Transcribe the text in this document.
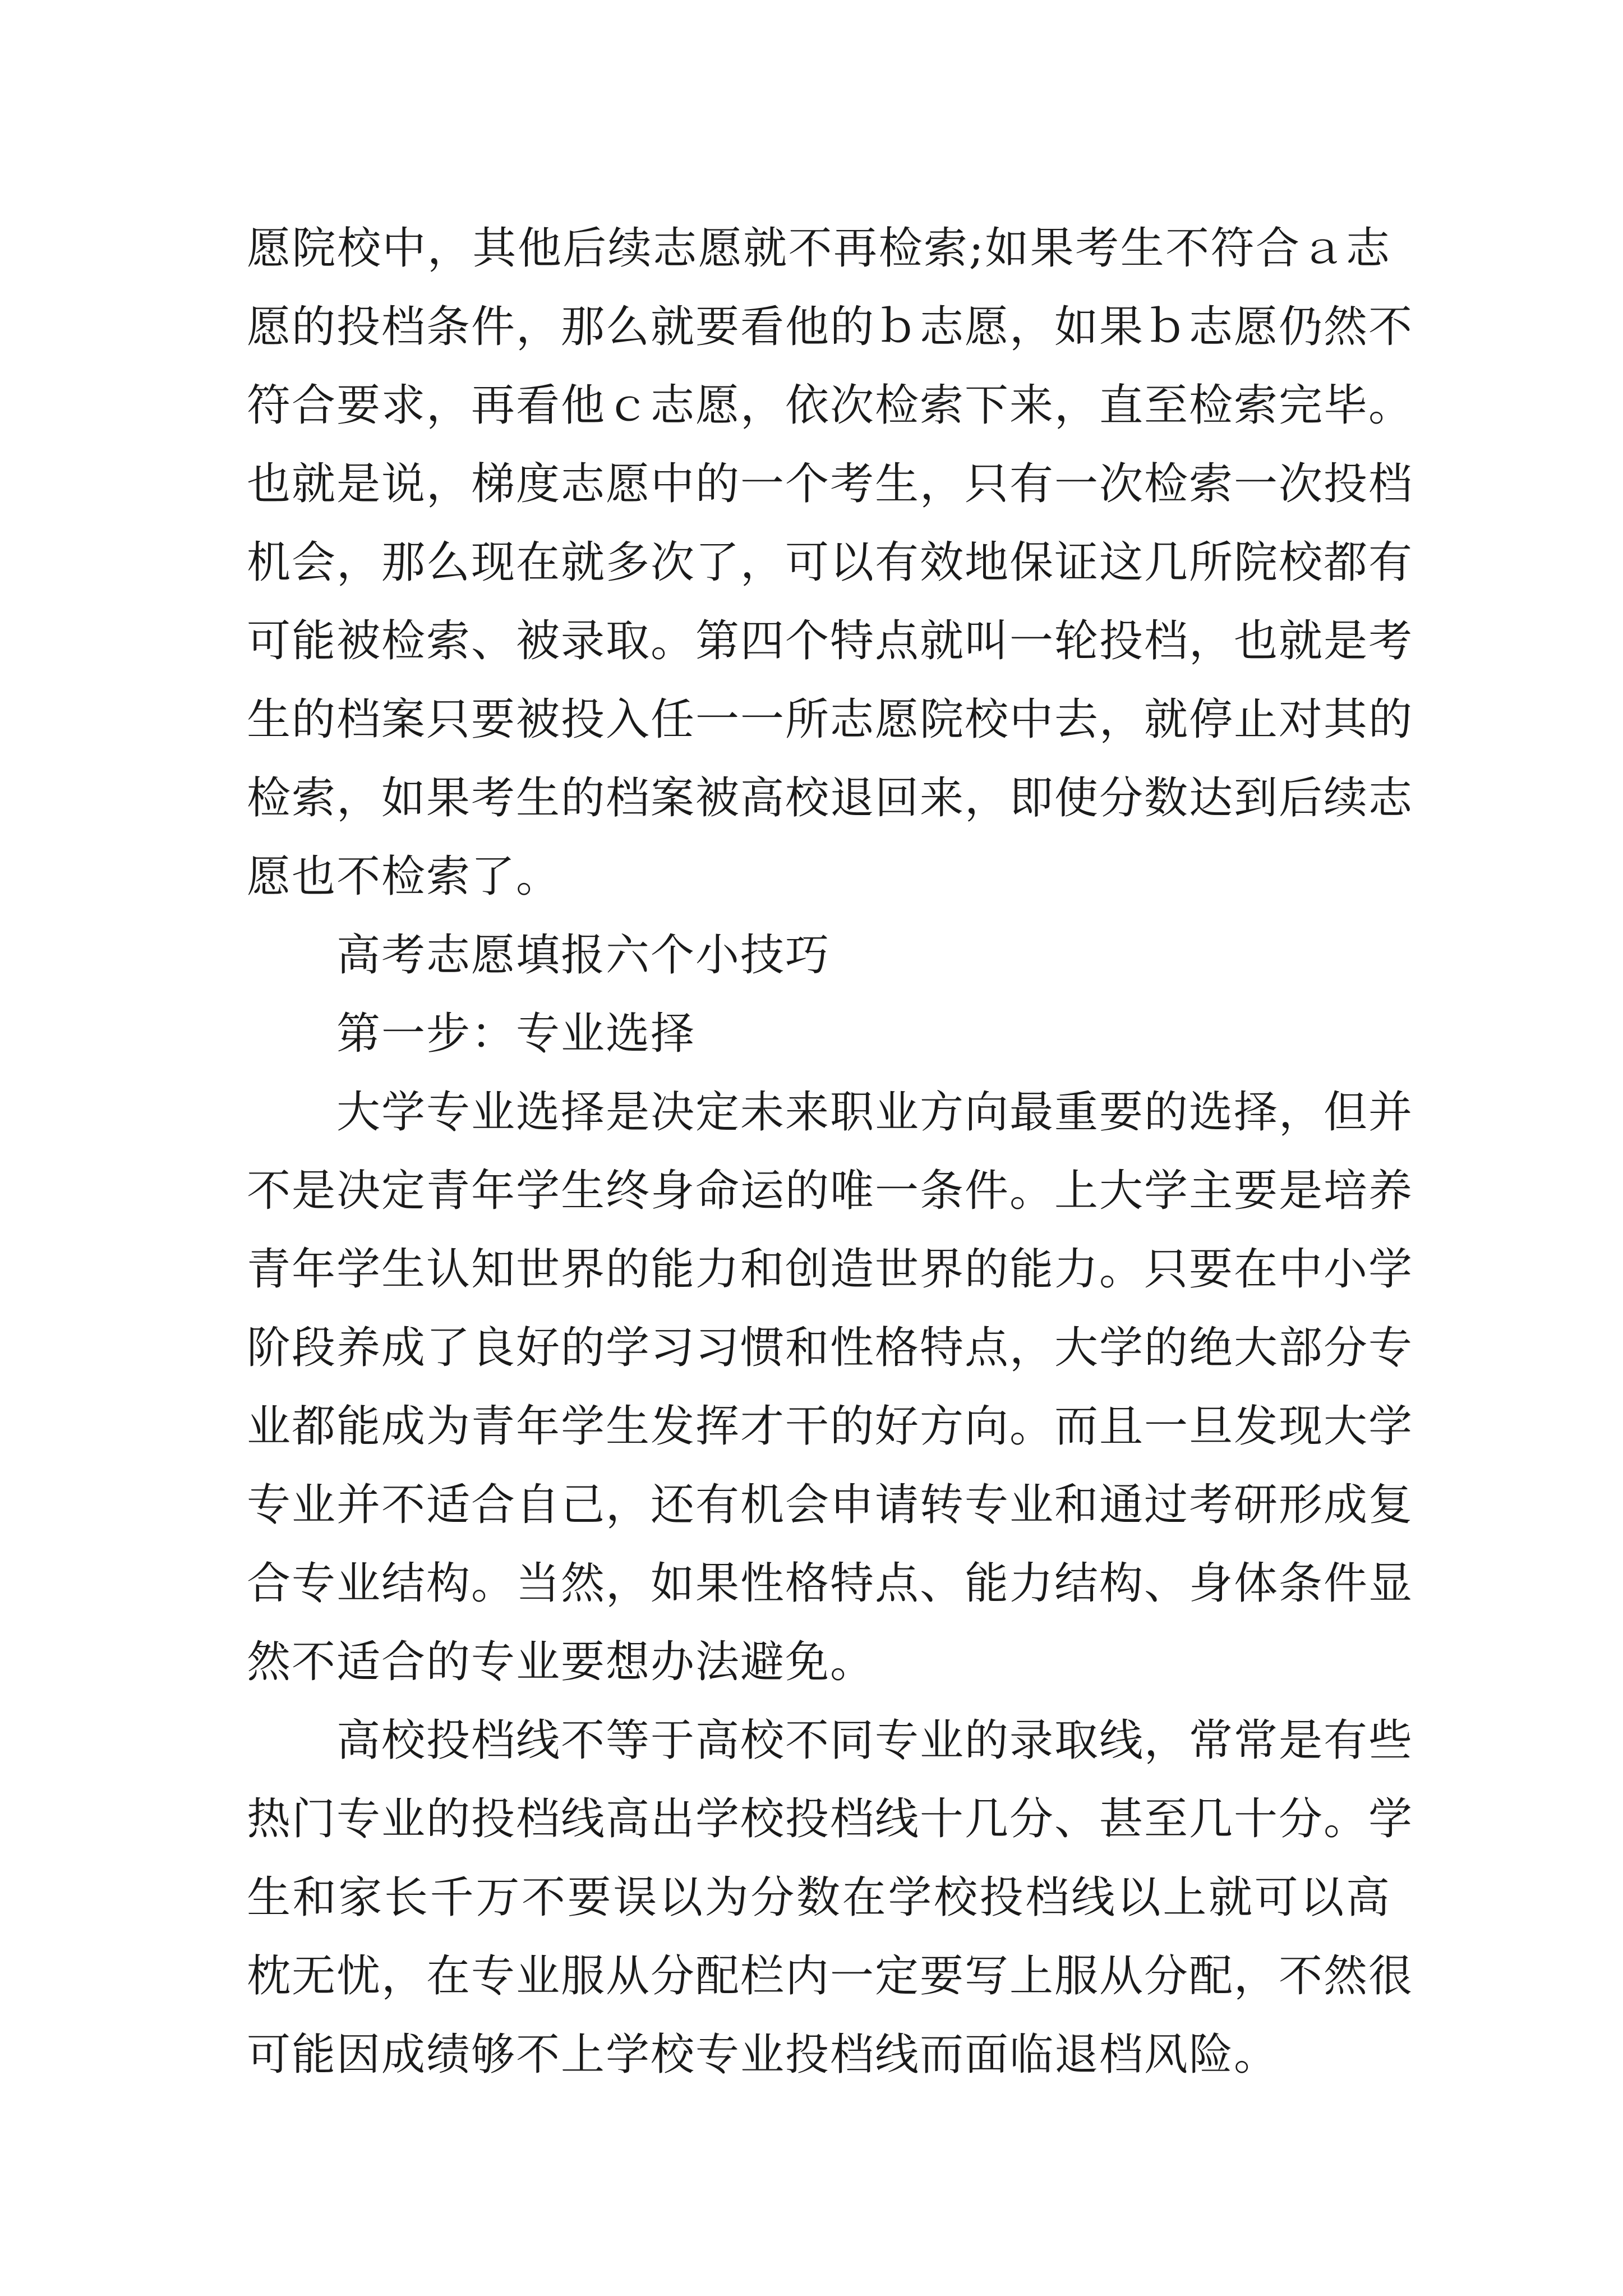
愿院校中，其他后续志愿就不再检索;如果考生不符合ａ志
愿的投档条件，那么就要看他的ｂ志愿，如果ｂ志愿仍然不
符合要求，再看他ｃ志愿，依次检索下来，直至检索完毕。
也就是说，梯度志愿中的一个考生，只有一次检索一次投档
机会，那么现在就多次了，可以有效地保证这几所院校都有
可能被检索、被录取。第四个特点就叫一轮投档，也就是考
生的档案只要被投入任一一所志愿院校中去，就停止对其的
检索，如果考生的档案被高校退回来，即使分数达到后续志
愿也不检索了。
高考志愿填报六个小技巧
第一步：专业选择
大学专业选择是决定未来职业方向最重要的选择，但并
不是决定青年学生终身命运的唯一条件。上大学主要是培养
青年学生认知世界的能力和创造世界的能力。只要在中小学
阶段养成了良好的学习习惯和性格特点，大学的绝大部分专
业都能成为青年学生发挥才干的好方向。而且一旦发现大学
专业并不适合自己，还有机会申请转专业和通过考研形成复
合专业结构。当然，如果性格特点、能力结构、身体条件显
然不适合的专业要想办法避免。
高校投档线不等于高校不同专业的录取线，常常是有些
热门专业的投档线高出学校投档线十几分、甚至几十分。学
生和家长千万不要误以为分数在学校投档线以上就可以高
枕无忧，在专业服从分配栏内一定要写上服从分配，不然很
可能因成绩够不上学校专业投档线而面临退档风险。
